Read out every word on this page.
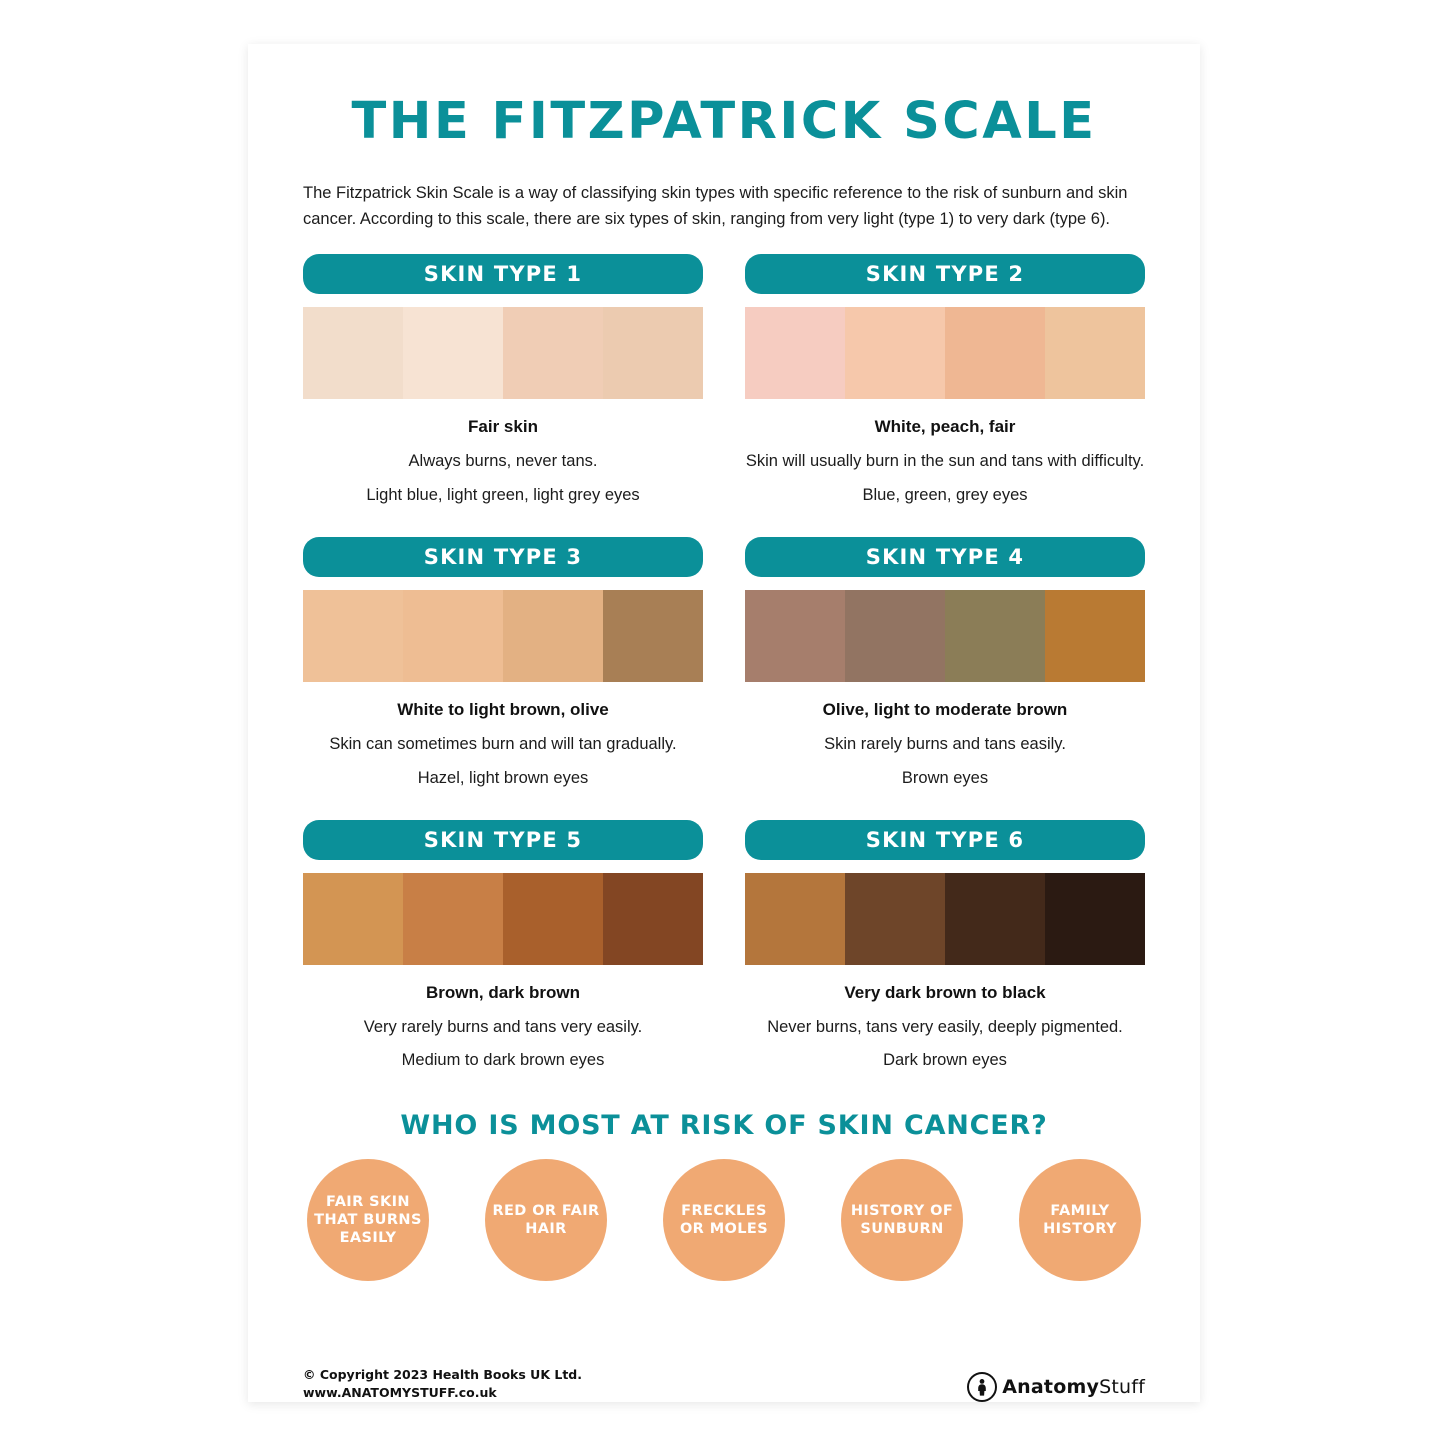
THE FITZPATRICK SCALE

The Fitzpatrick Skin Scale is a way of classifying skin types with specific reference to the risk of sunburn and skin cancer. According to this scale, there are six types of skin, ranging from very light (type 1) to very dark (type 6).

SKIN TYPE 1
Fair skin
Always burns, never tans.
Light blue, light green, light grey eyes
SKIN TYPE 2
White, peach, fair
Skin will usually burn in the sun and tans with difficulty.
Blue, green, grey eyes
SKIN TYPE 3
White to light brown, olive
Skin can sometimes burn and will tan gradually.
Hazel, light brown eyes
SKIN TYPE 4
Olive, light to moderate brown
Skin rarely burns and tans easily.
Brown eyes
SKIN TYPE 5
Brown, dark brown
Very rarely burns and tans very easily.
Medium to dark brown eyes
SKIN TYPE 6
Very dark brown to black
Never burns, tans very easily, deeply pigmented.
Dark brown eyes
WHO IS MOST AT RISK OF SKIN CANCER?
FAIR SKIN THAT BURNS EASILY
RED OR FAIR HAIR
FRECKLES OR MOLES
HISTORY OF SUNBURN
FAMILY HISTORY
© Copyright 2023 Health Books UK Ltd.
www.ANATOMYSTUFF.co.uk	AnatomyStuff
